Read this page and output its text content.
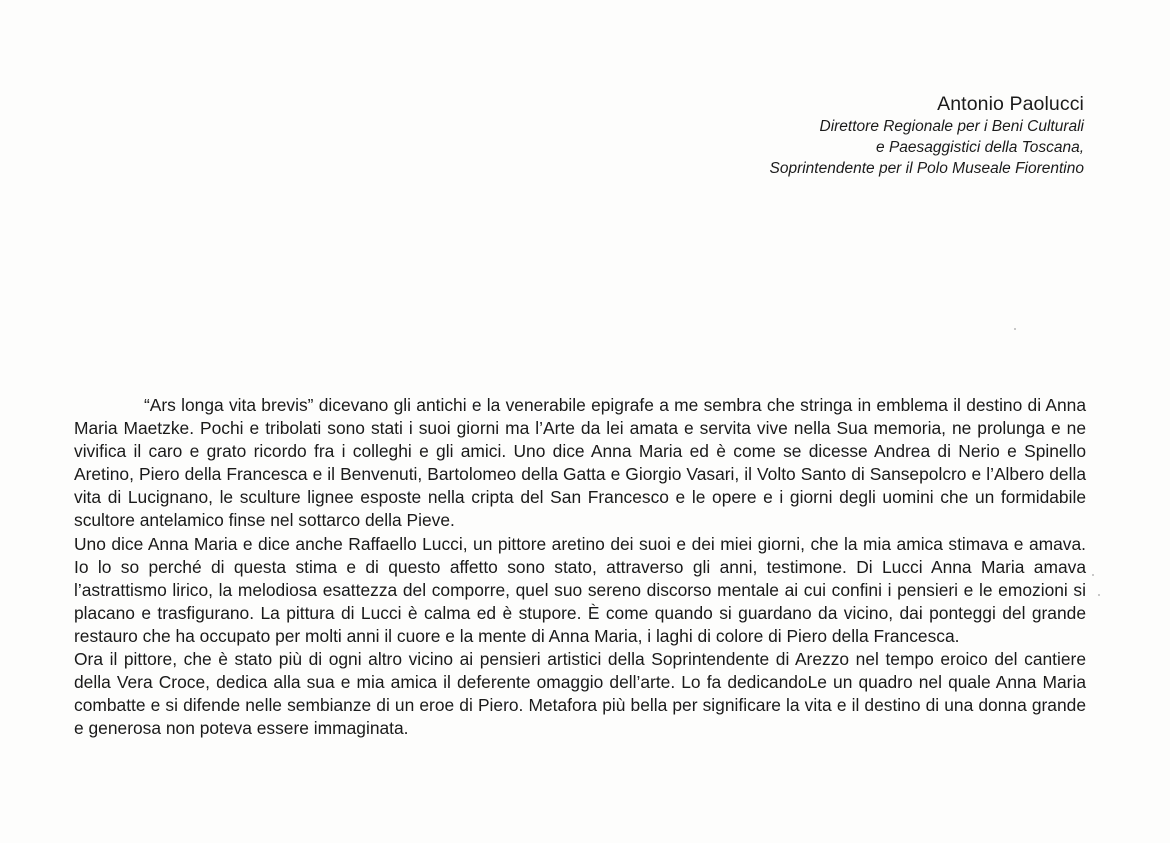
Antonio Paolucci
Direttore Regionale per i Beni Culturali
e Paesaggistici della Toscana,
Soprintendente per il Polo Museale Fiorentino

“Ars longa vita brevis” dicevano gli antichi e la venerabile epigrafe a me sembra che stringa in emblema il destino di Anna Maria Maetzke. Pochi e tribolati sono stati i suoi giorni ma l’Arte da lei amata e servita vive nella Sua memoria, ne prolunga e ne vivifica il caro e grato ricordo fra i colleghi e gli amici. Uno dice Anna Maria ed è come se dicesse Andrea di Nerio e Spinello Aretino, Piero della Francesca e il Benvenuti, Bartolomeo della Gatta e Giorgio Vasari, il Volto Santo di Sansepolcro e l’Albero della vita di Lucignano, le sculture lignee esposte nella cripta del San Francesco e le opere e i giorni degli uomini che un formidabile scultore antelamico finse nel sottarco della Pieve.

Uno dice Anna Maria e dice anche Raffaello Lucci, un pittore aretino dei suoi e dei miei giorni, che la mia amica stimava e amava. Io lo so perché di questa stima e di questo affetto sono stato, attraverso gli anni, testimone. Di Lucci Anna Maria amava l’astrattismo lirico, la melodiosa esattezza del comporre, quel suo sereno discorso mentale ai cui confini i pensieri e le emozioni si placano e trasfigurano. La pittura di Lucci è calma ed è stupore. È come quando si guardano da vicino, dai ponteggi del grande restauro che ha occupato per molti anni il cuore e la mente di Anna Maria, i laghi di colore di Piero della Francesca.

Ora il pittore, che è stato più di ogni altro vicino ai pensieri artistici della Soprintendente di Arezzo nel tempo eroico del cantiere della Vera Croce, dedica alla sua e mia amica il deferente omaggio dell’arte. Lo fa dedicandoLe un quadro nel quale Anna Maria combatte e si difende nelle sembianze di un eroe di Piero. Metafora più bella per significare la vita e il destino di una donna grande e generosa non poteva essere immaginata.
